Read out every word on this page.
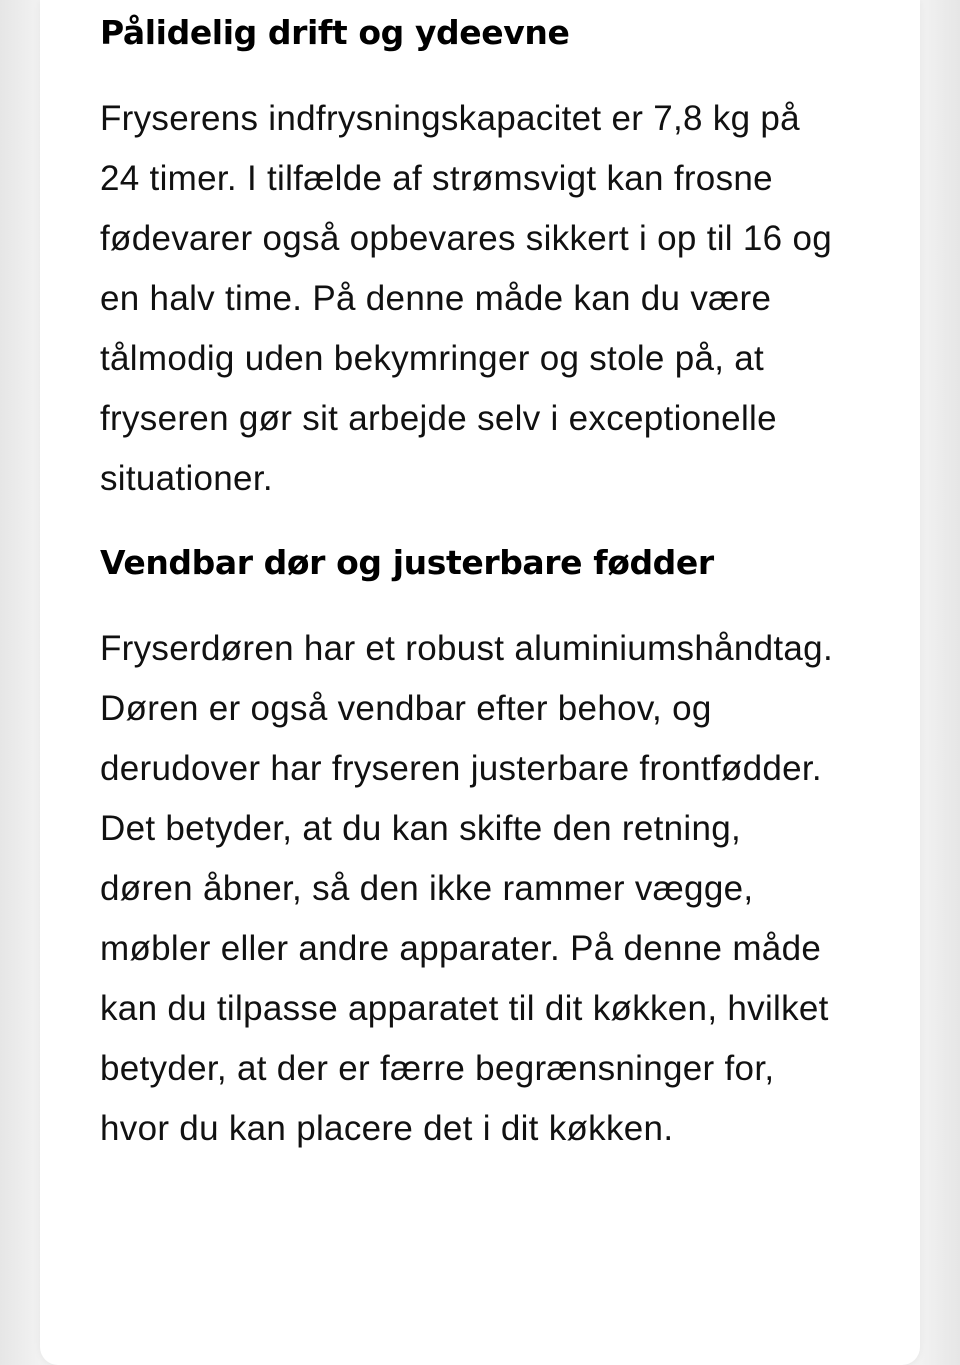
Pålidelig drift og ydeevne

Fryserens indfrysningskapacitet er 7,8 kg på 24 timer. I tilfælde af strømsvigt kan frosne fødevarer også opbevares sikkert i op til 16 og en halv time. På denne måde kan du være tålmodig uden bekymringer og stole på, at fryseren gør sit arbejde selv i exceptionelle situationer.

Vendbar dør og justerbare fødder

Fryserdøren har et robust aluminiumshåndtag. Døren er også vendbar efter behov, og derudover har fryseren justerbare frontfødder. Det betyder, at du kan skifte den retning, døren åbner, så den ikke rammer vægge, møbler eller andre apparater. På denne måde kan du tilpasse apparatet til dit køkken, hvilket betyder, at der er færre begrænsninger for, hvor du kan placere det i dit køkken.
